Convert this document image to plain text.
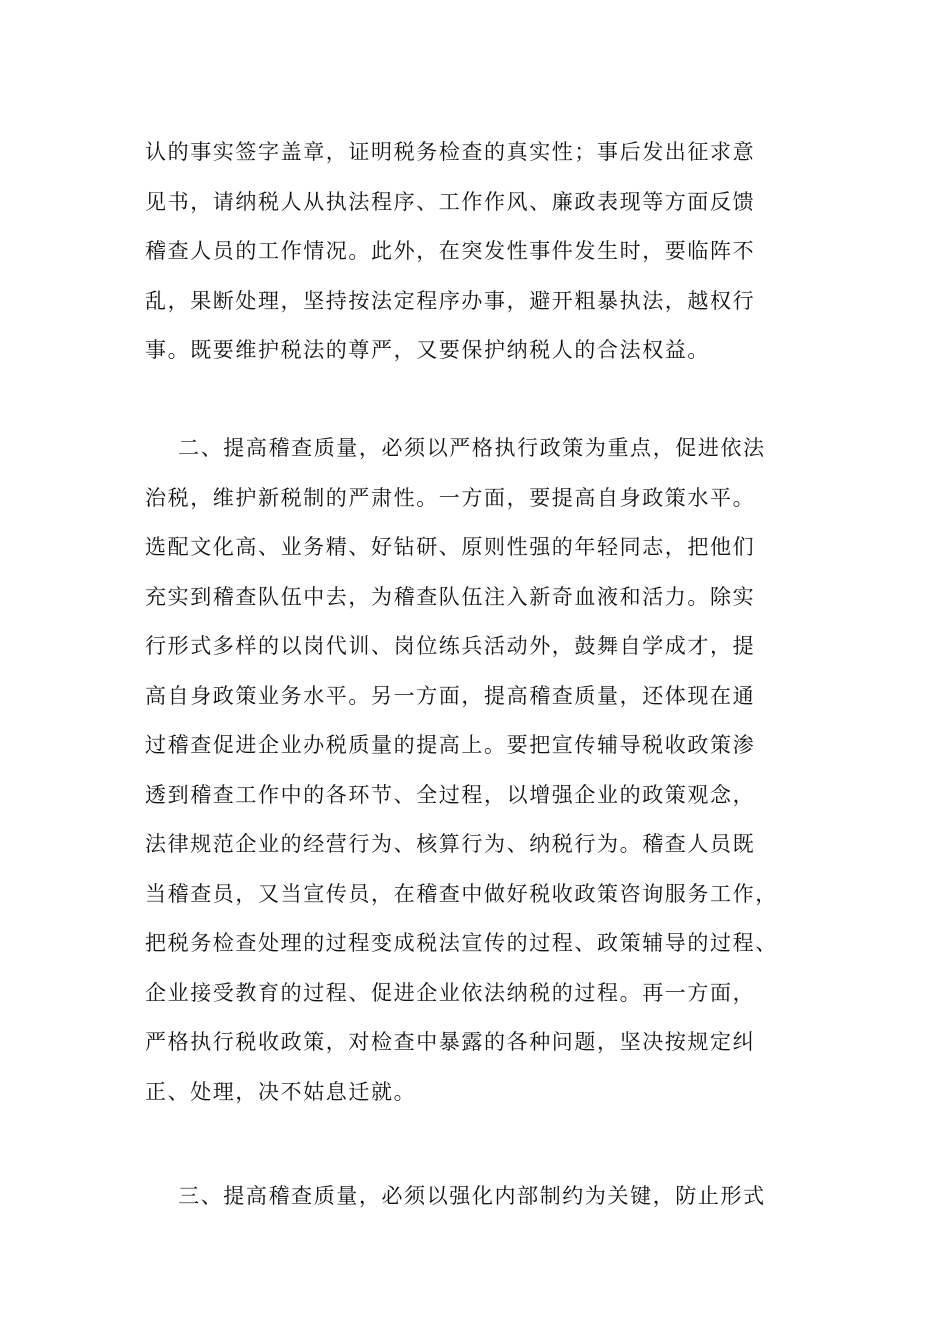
认的事实签字盖章，证明税务检查的真实性；事后发出征求意
见书，请纳税人从执法程序、工作作风、廉政表现等方面反馈
稽查人员的工作情况。此外，在突发性事件发生时，要临阵不
乱，果断处理，坚持按法定程序办事，避开粗暴执法，越权行
事。既要维护税法的尊严，又要保护纳税人的合法权益。
二、提高稽查质量，必须以严格执行政策为重点，促进依法
治税，维护新税制的严肃性。一方面，要提高自身政策水平。
选配文化高、业务精、好钻研、原则性强的年轻同志，把他们
充实到稽查队伍中去，为稽查队伍注入新奇血液和活力。除实
行形式多样的以岗代训、岗位练兵活动外，鼓舞自学成才，提
高自身政策业务水平。另一方面，提高稽查质量，还体现在通
过稽查促进企业办税质量的提高上。要把宣传辅导税收政策渗
透到稽查工作中的各环节、全过程，以增强企业的政策观念，
法律规范企业的经营行为、核算行为、纳税行为。稽查人员既
当稽查员，又当宣传员，在稽查中做好税收政策咨询服务工作，
把税务检查处理的过程变成税法宣传的过程、政策辅导的过程、
企业接受教育的过程、促进企业依法纳税的过程。再一方面，
严格执行税收政策，对检查中暴露的各种问题，坚决按规定纠
正、处理，决不姑息迁就。
三、提高稽查质量，必须以强化内部制约为关键，防止形式
